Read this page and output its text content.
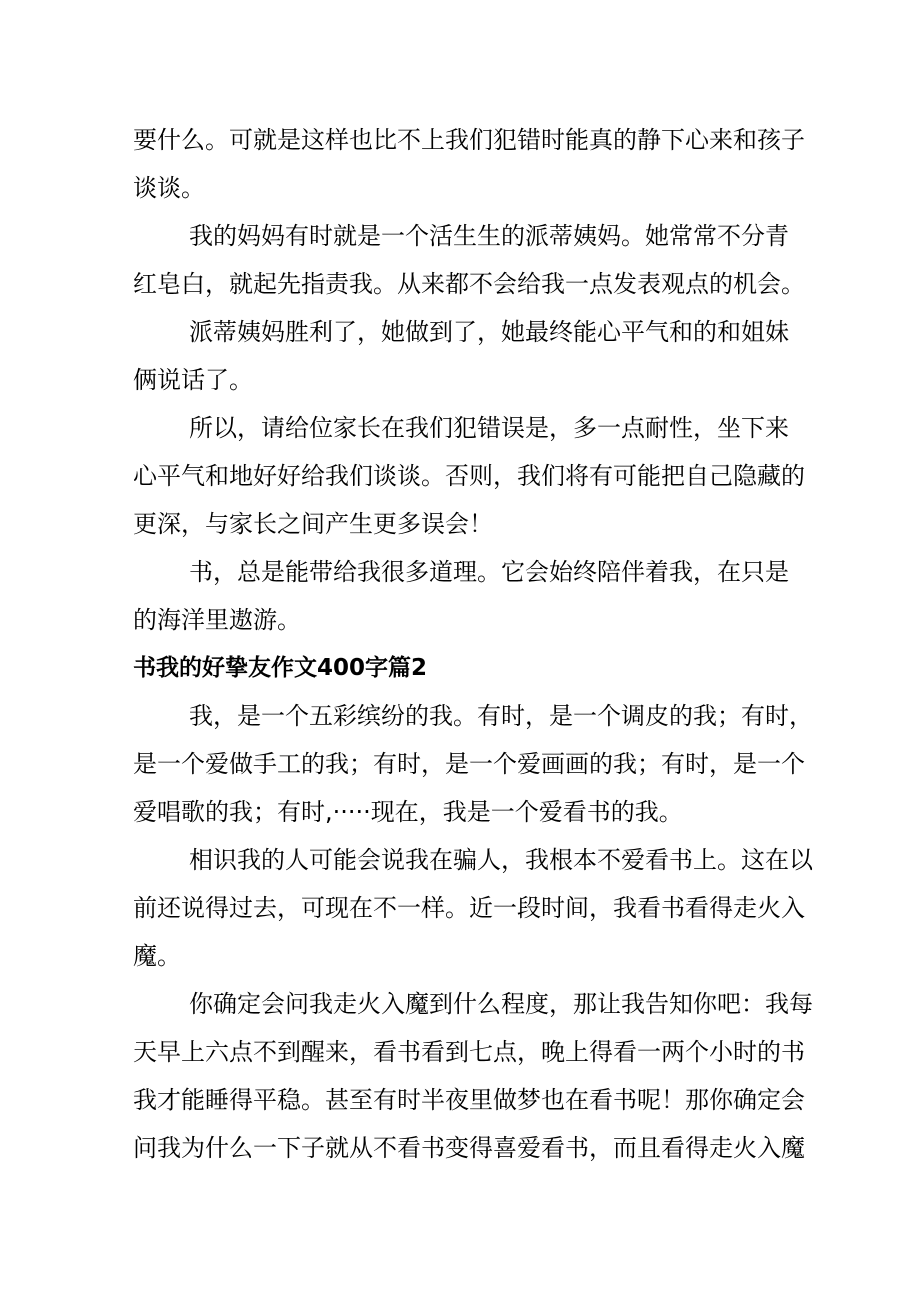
要什么。可就是这样也比不上我们犯错时能真的静下心来和孩子
谈谈。

我的妈妈有时就是一个活生生的派蒂姨妈。她常常不分青
红皂白，就起先指责我。从来都不会给我一点发表观点的机会。

派蒂姨妈胜利了，她做到了，她最终能心平气和的和姐妹
俩说话了。

所以，请给位家长在我们犯错误是，多一点耐性，坐下来
心平气和地好好给我们谈谈。否则，我们将有可能把自己隐藏的
更深，与家长之间产生更多误会！

书，总是能带给我很多道理。它会始终陪伴着我，在只是
的海洋里遨游。

书我的好挚友作文400字篇2

我，是一个五彩缤纷的我。有时，是一个调皮的我；有时，
是一个爱做手工的我；有时，是一个爱画画的我；有时，是一个
爱唱歌的我；有时,·····现在，我是一个爱看书的我。

相识我的人可能会说我在骗人，我根本不爱看书上。这在以
前还说得过去，可现在不一样。近一段时间，我看书看得走火入
魔。

你确定会问我走火入魔到什么程度，那让我告知你吧：我每
天早上六点不到醒来，看书看到七点，晚上得看一两个小时的书
我才能睡得平稳。甚至有时半夜里做梦也在看书呢！那你确定会
问我为什么一下子就从不看书变得喜爱看书，而且看得走火入魔
